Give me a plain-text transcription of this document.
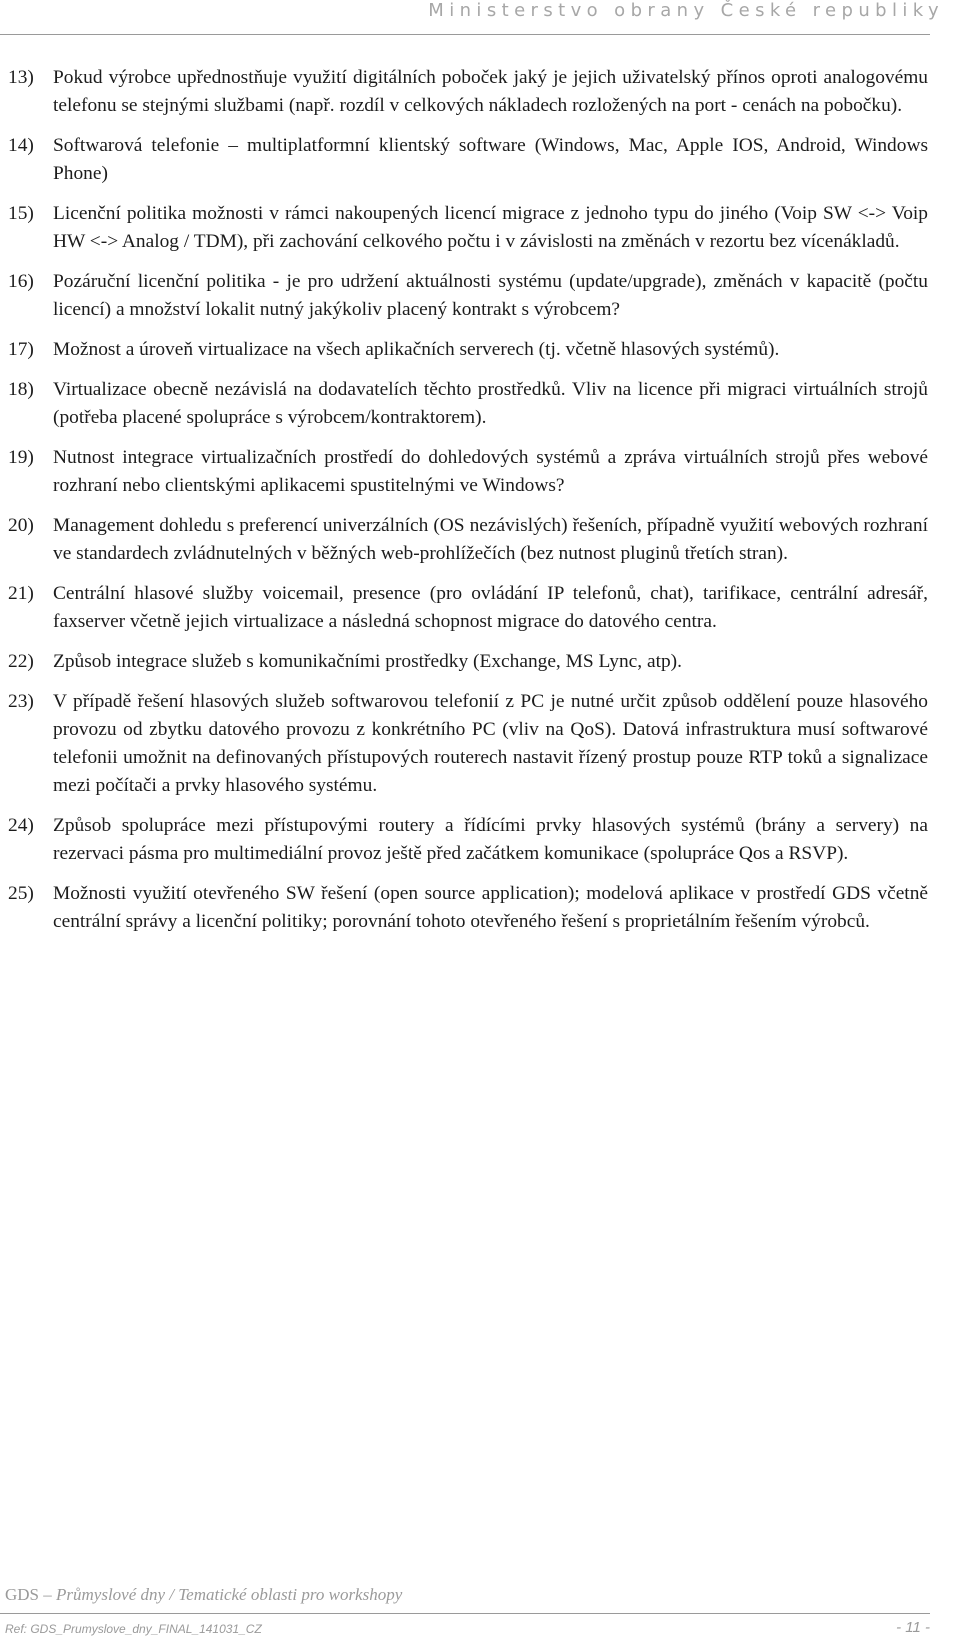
Ministerstvo obrany České republiky
13) Pokud výrobce upřednostňuje využití digitálních poboček jaký je jejich uživatelský přínos oproti analogovému telefonu se stejnými službami (např. rozdíl v celkových nákladech rozložených na port - cenách na pobočku).
14) Softwarová telefonie – multiplatformní klientský software (Windows, Mac, Apple IOS, Android, Windows Phone)
15) Licenční politika možnosti v rámci nakoupených licencí migrace z jednoho typu do jiného (Voip SW <-> Voip HW <-> Analog / TDM), při zachování celkového počtu i v závislosti na změnách v rezortu bez vícenákladů.
16) Pozáruční licenční politika - je pro udržení aktuálnosti systému (update/upgrade), změnách v kapacitě (počtu licencí) a množství lokalit nutný jakýkoliv placený kontrakt s výrobcem?
17) Možnost a úroveň virtualizace na všech aplikačních serverech (tj. včetně hlasových systémů).
18) Virtualizace obecně nezávislá na dodavatelích těchto prostředků. Vliv na licence při migraci virtuálních strojů (potřeba placené spolupráce s výrobcem/kontraktorem).
19) Nutnost integrace virtualizačních prostředí do dohledových systémů a zpráva virtuálních strojů přes webové rozhraní nebo clientskými aplikacemi spustitelnými ve Windows?
20) Management dohledu s preferencí univerzálních (OS nezávislých) řešeních, případně využití webových rozhraní ve standardech zvládnutelných v běžných web-prohlížečích (bez nutnost pluginů třetích stran).
21) Centrální hlasové služby voicemail, presence (pro ovládání IP telefonů, chat), tarifikace, centrální adresář, faxserver včetně jejich virtualizace a následná schopnost migrace do datového centra.
22) Způsob integrace služeb s komunikačními prostředky (Exchange, MS Lync, atp).
23) V případě řešení hlasových služeb softwarovou telefonií z PC je nutné určit způsob oddělení pouze hlasového provozu od zbytku datového provozu z konkrétního PC (vliv na QoS). Datová infrastruktura musí softwarové telefonii umožnit na definovaných přístupových routerech nastavit řízený prostup pouze RTP toků a signalizace mezi počítači a prvky hlasového systému.
24) Způsob spolupráce mezi přístupovými routery a řídícími prvky hlasových systémů (brány a servery) na rezervaci pásma pro multimediální provoz ještě před začátkem komunikace (spolupráce Qos a RSVP).
25) Možnosti využití otevřeného SW řešení (open source application); modelová aplikace v prostředí GDS včetně centrální správy a licenční politiky; porovnání tohoto otevřeného řešení s proprietálním řešením výrobců.
GDS – Průmyslové dny / Tematické oblasti pro workshopy
Ref: GDS_Prumyslove_dny_FINAL_141031_CZ	- 11 -
